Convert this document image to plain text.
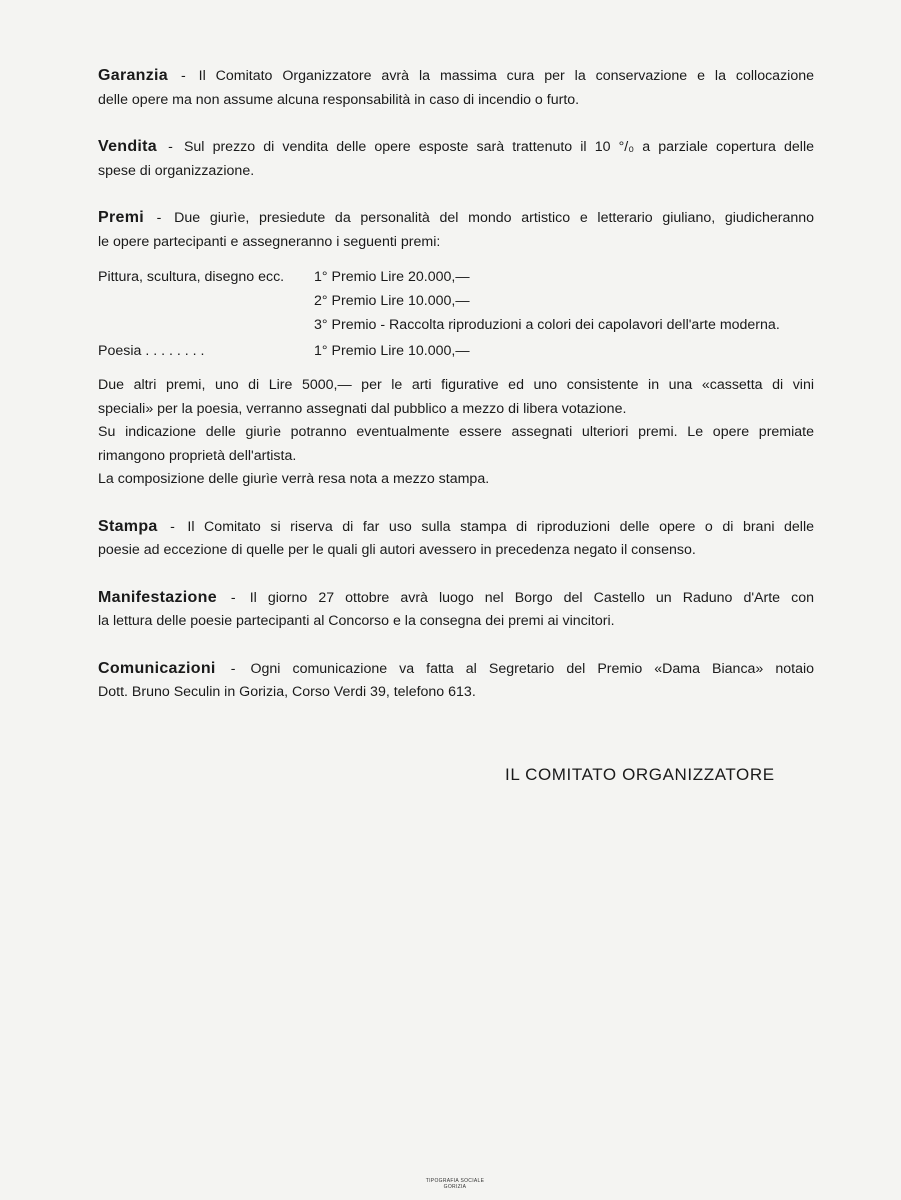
Garanzia - Il Comitato Organizzatore avrà la massima cura per la conservazione e la collocazione
delle opere ma non assume alcuna responsabilità in caso di incendio o furto.

Vendita - Sul prezzo di vendita delle opere esposte sarà trattenuto il 10 °/₀ a parziale copertura delle
spese di organizzazione.

Premi - Due giurìe, presiedute da personalità del mondo artistico e letterario giuliano, giudicheranno
le opere partecipanti e assegneranno i seguenti premi:
Pittura, scultura, disegno ecc. 1° Premio Lire 20.000,—
2° Premio Lire 10.000,—
3° Premio - Raccolta riproduzioni a colori dei capolavori dell'arte moderna.
Poesia . . . . . . . .	1° Premio Lire 10.000,—
Due altri premi, uno di Lire 5000,— per le arti figurative ed uno consistente in una «cassetta di vini
speciali» per la poesia, verranno assegnati dal pubblico a mezzo di libera votazione.
Su indicazione delle giurìe potranno eventualmente essere assegnati ulteriori premi. Le opere premiate
rimangono proprietà dell'artista.
La composizione delle giurìe verrà resa nota a mezzo stampa.

Stampa - Il Comitato si riserva di far uso sulla stampa di riproduzioni delle opere o di brani delle
poesie ad eccezione di quelle per le quali gli autori avessero in precedenza negato il consenso.

Manifestazione - Il giorno 27 ottobre avrà luogo nel Borgo del Castello un Raduno d'Arte con
la lettura delle poesie partecipanti al Concorso e la consegna dei premi ai vincitori.

Comunicazioni - Ogni comunicazione va fatta al Segretario del Premio «Dama Bianca» notaio
Dott. Bruno Seculin in Gorizia, Corso Verdi 39, telefono 613.

IL COMITATO ORGANIZZATORE
TIPOGRAFIA SOCIALE
GORIZIA
